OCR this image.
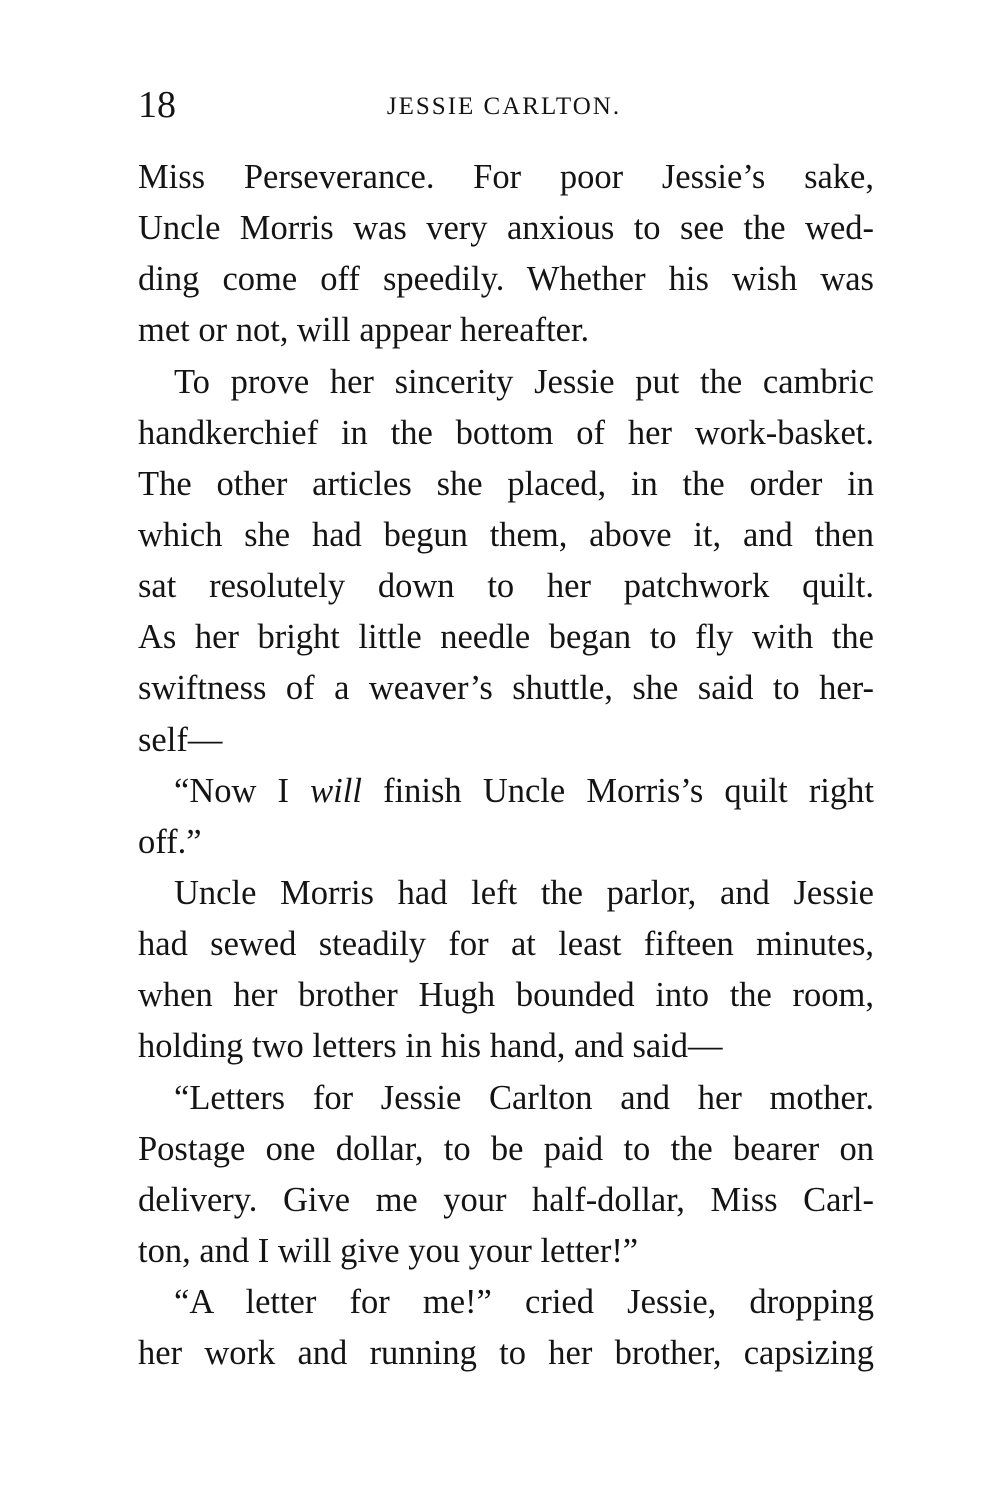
18	JESSIE CARLTON.
Miss Perseverance. For poor Jessie’s sake,
Uncle Morris was very anxious to see the wed-
ding come off speedily. Whether his wish was
met or not, will appear hereafter.
To prove her sincerity Jessie put the cambric
handkerchief in the bottom of her work-basket.
The other articles she placed, in the order in
which she had begun them, above it, and then
sat resolutely down to her patchwork quilt.
As her bright little needle began to fly with the
swiftness of a weaver’s shuttle, she said to her-
self—
“Now I will finish Uncle Morris’s quilt right
off.”
Uncle Morris had left the parlor, and Jessie
had sewed steadily for at least fifteen minutes,
when her brother Hugh bounded into the room,
holding two letters in his hand, and said—
“Letters for Jessie Carlton and her mother.
Postage one dollar, to be paid to the bearer on
delivery. Give me your half-dollar, Miss Carl-
ton, and I will give you your letter!”
“A letter for me!” cried Jessie, dropping
her work and running to her brother, capsizing
